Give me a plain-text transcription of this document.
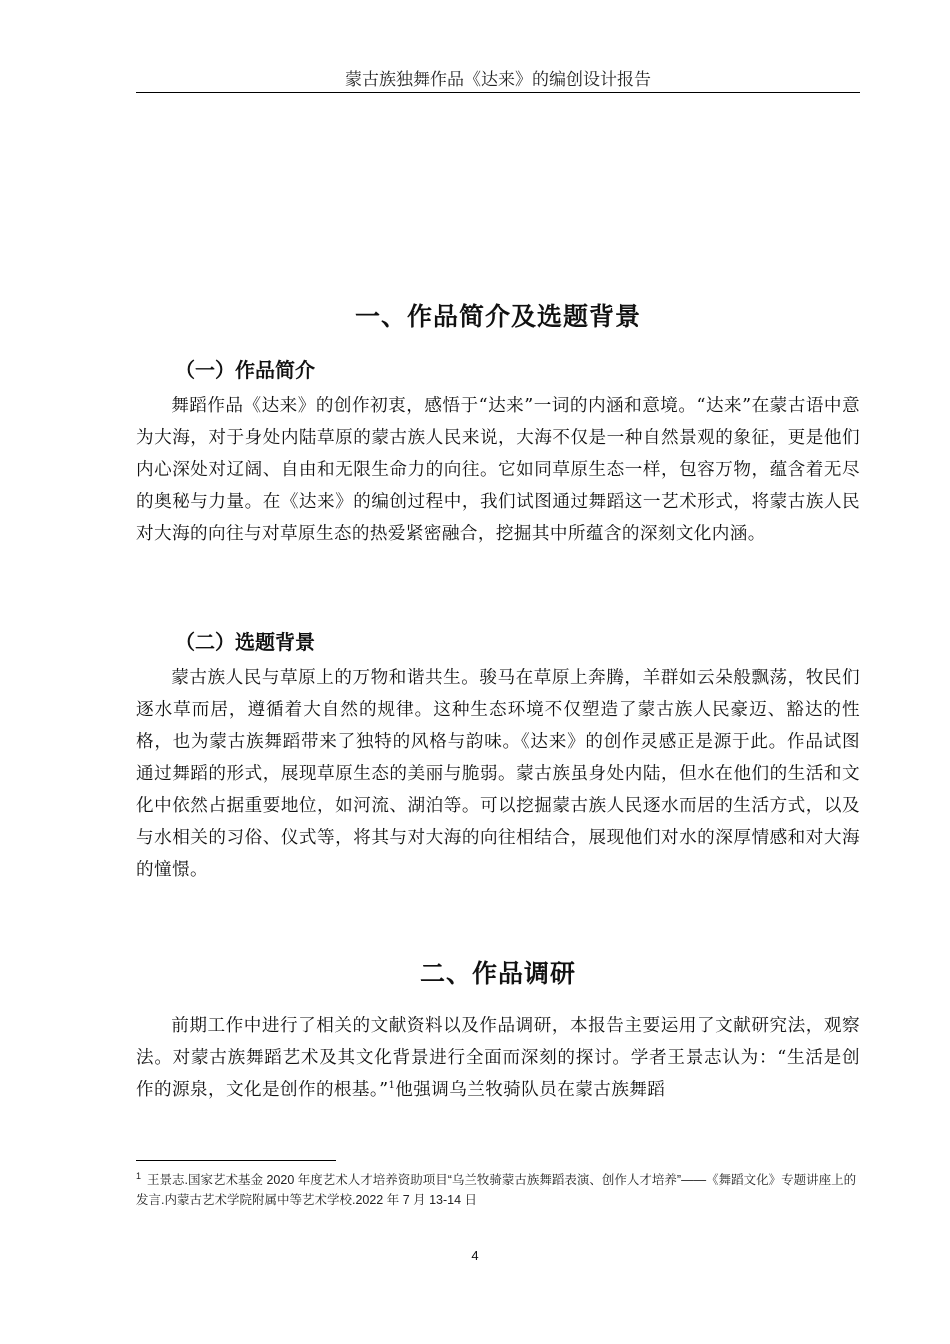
蒙古族独舞作品《达来》的编创设计报告
一、作品简介及选题背景
（一）作品简介

舞蹈作品《达来》的创作初衷，感悟于“达来”一词的内涵和意境。“达来”在蒙古语中意为大海，对于身处内陆草原的蒙古族人民来说，大海不仅是一种自然景观的象征，更是他们内心深处对辽阔、自由和无限生命力的向往。它如同草原生态一样，包容万物，蕴含着无尽的奥秘与力量。在《达来》的编创过程中，我们试图通过舞蹈这一艺术形式，将蒙古族人民对大海的向往与对草原生态的热爱紧密融合，挖掘其中所蕴含的深刻文化内涵。

（二）选题背景

蒙古族人民与草原上的万物和谐共生。骏马在草原上奔腾，羊群如云朵般飘荡，牧民们逐水草而居，遵循着大自然的规律。这种生态环境不仅塑造了蒙古族人民豪迈、豁达的性格，也为蒙古族舞蹈带来了独特的风格与韵味。《达来》的创作灵感正是源于此。作品试图通过舞蹈的形式，展现草原生态的美丽与脆弱。蒙古族虽身处内陆，但水在他们的生活和文化中依然占据重要地位，如河流、湖泊等。可以挖掘蒙古族人民逐水而居的生活方式，以及与水相关的习俗、仪式等，将其与对大海的向往相结合，展现他们对水的深厚情感和对大海的憧憬。

二、作品调研

前期工作中进行了相关的文献资料以及作品调研，本报告主要运用了文献研究法，观察法。对蒙古族舞蹈艺术及其文化背景进行全面而深刻的探讨。学者王景志认为：“生活是创作的源泉，文化是创作的根基。”$^1$他强调乌兰牧骑队员在蒙古族舞蹈

$^1$ 王景志.国家艺术基金 2020 年度艺术人才培养资助项目“乌兰牧骑蒙古族舞蹈表演、创作人才培养”——《舞蹈文化》专题讲座上的发言.内蒙古艺术学院附属中等艺术学校.2022 年 7 月 13-14 日

4
